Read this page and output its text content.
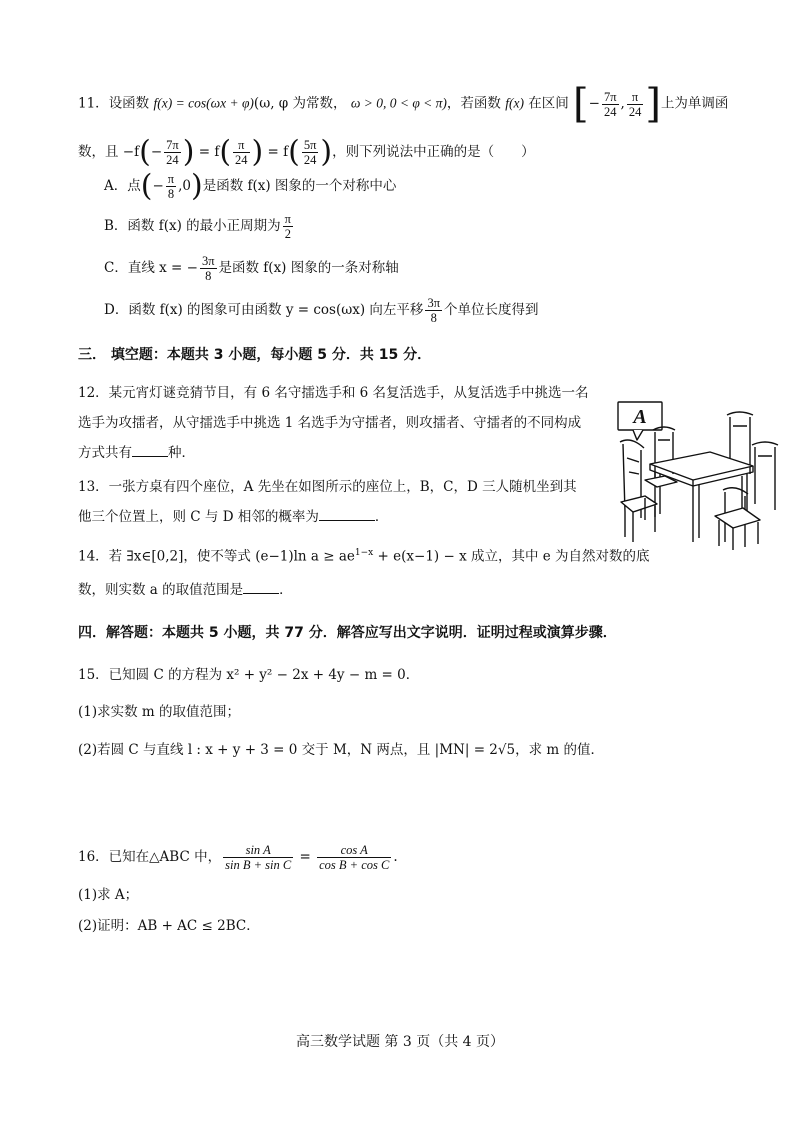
11．设函数 f(x) = cos(ωx + φ)(ω, φ 为常数， ω > 0, 0 < φ < π)，若函数 f(x) 在区间 [− $\frac{7\pi}{24}$ , $\frac{\pi}{24}$ ]上为单调函
数，且 $-f(- \frac{7\pi}{24}$ ) = $f( \frac{\pi}{24}$ ) = $f( \frac{5\pi}{24}$ )，则下列说法中正确的是（　　）
A．点(− $\frac{\pi}{8} ,0$)是函数 f(x) 图象的一个对称中心
B．函数 f(x) 的最小正周期为 $\frac{\pi}{2}$
C．直线 x = − $\frac{3\pi}{8}$ 是函数 f(x) 图象的一条对称轴
D．函数 f(x) 的图象可由函数 y = cos(ωx) 向左平移 $\frac{3\pi}{8}$ 个单位长度得到
三． 填空题：本题共 3 小题，每小题 5 分．共 15 分．
12．某元宵灯谜竞猜节目，有 6 名守擂选手和 6 名复活选手，从复活选手中挑选一名
选手为攻擂者，从守擂选手中挑选 1 名选手为守擂者，则攻擂者、守擂者的不同构成
方式共有	种．
13．一张方桌有四个座位，A 先坐在如图所示的座位上，B，C，D 三人随机坐到其
他三个位置上，则 C 与 D 相邻的概率为	．
14．若 ∃x∈[0,2]，使不等式 (e−1)ln $a \ge ae^{1-x} + e(x-1) - x$ 成立，其中 e 为自然对数的底
数，则实数 a 的取值范围是	．
A
四．解答题：本题共 5 小题，共 77 分．解答应写出文字说明．证明过程或演算步骤．
15．已知圆 C 的方程为 x² + y² − 2x + 4y − m = 0．
(1)求实数 m 的取值范围；
(2)若圆 C 与直线 l : x + y + 3 = 0 交于 M，N 两点，且 |MN| = 2√5，求 m 的值．
16．已知在△ABC 中， $\frac{\text{sin A}}{\text{sin B + sin C}} = \frac{\text{cos A}}{\text{cos B + cos C}}$ .
(1)求 A；
(2)证明：AB + AC ≤ 2BC．
高三数学试题 第 3 页（共 4 页）
